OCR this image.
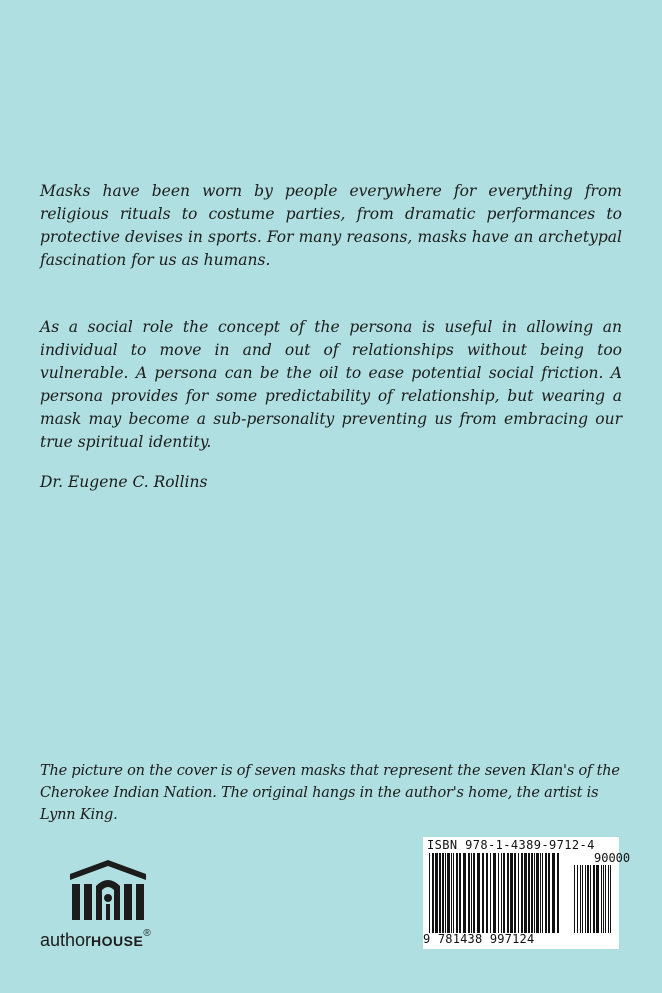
Masks have been worn by people everywhere for everything from religious rituals to costume parties, from dramatic performances to protective devises in sports. For many reasons, masks have an archetypal fascination for us as humans.

As a social role the concept of the persona is useful in allowing an individual to move in and out of relationships without being too vulnerable. A persona can be the oil to ease potential social friction. A persona provides for some predictability of relationship, but wearing a mask may become a sub-personality preventing us from embracing our true spiritual identity.

Dr. Eugene C. Rollins

The picture on the cover is of seven masks that represent the seven Klan's of the Cherokee Indian Nation. The original hangs in the author's home, the artist is Lynn King.

authorHOUSE®
ISBN 978-1-4389-9712-4
90000
9 781438 997124
